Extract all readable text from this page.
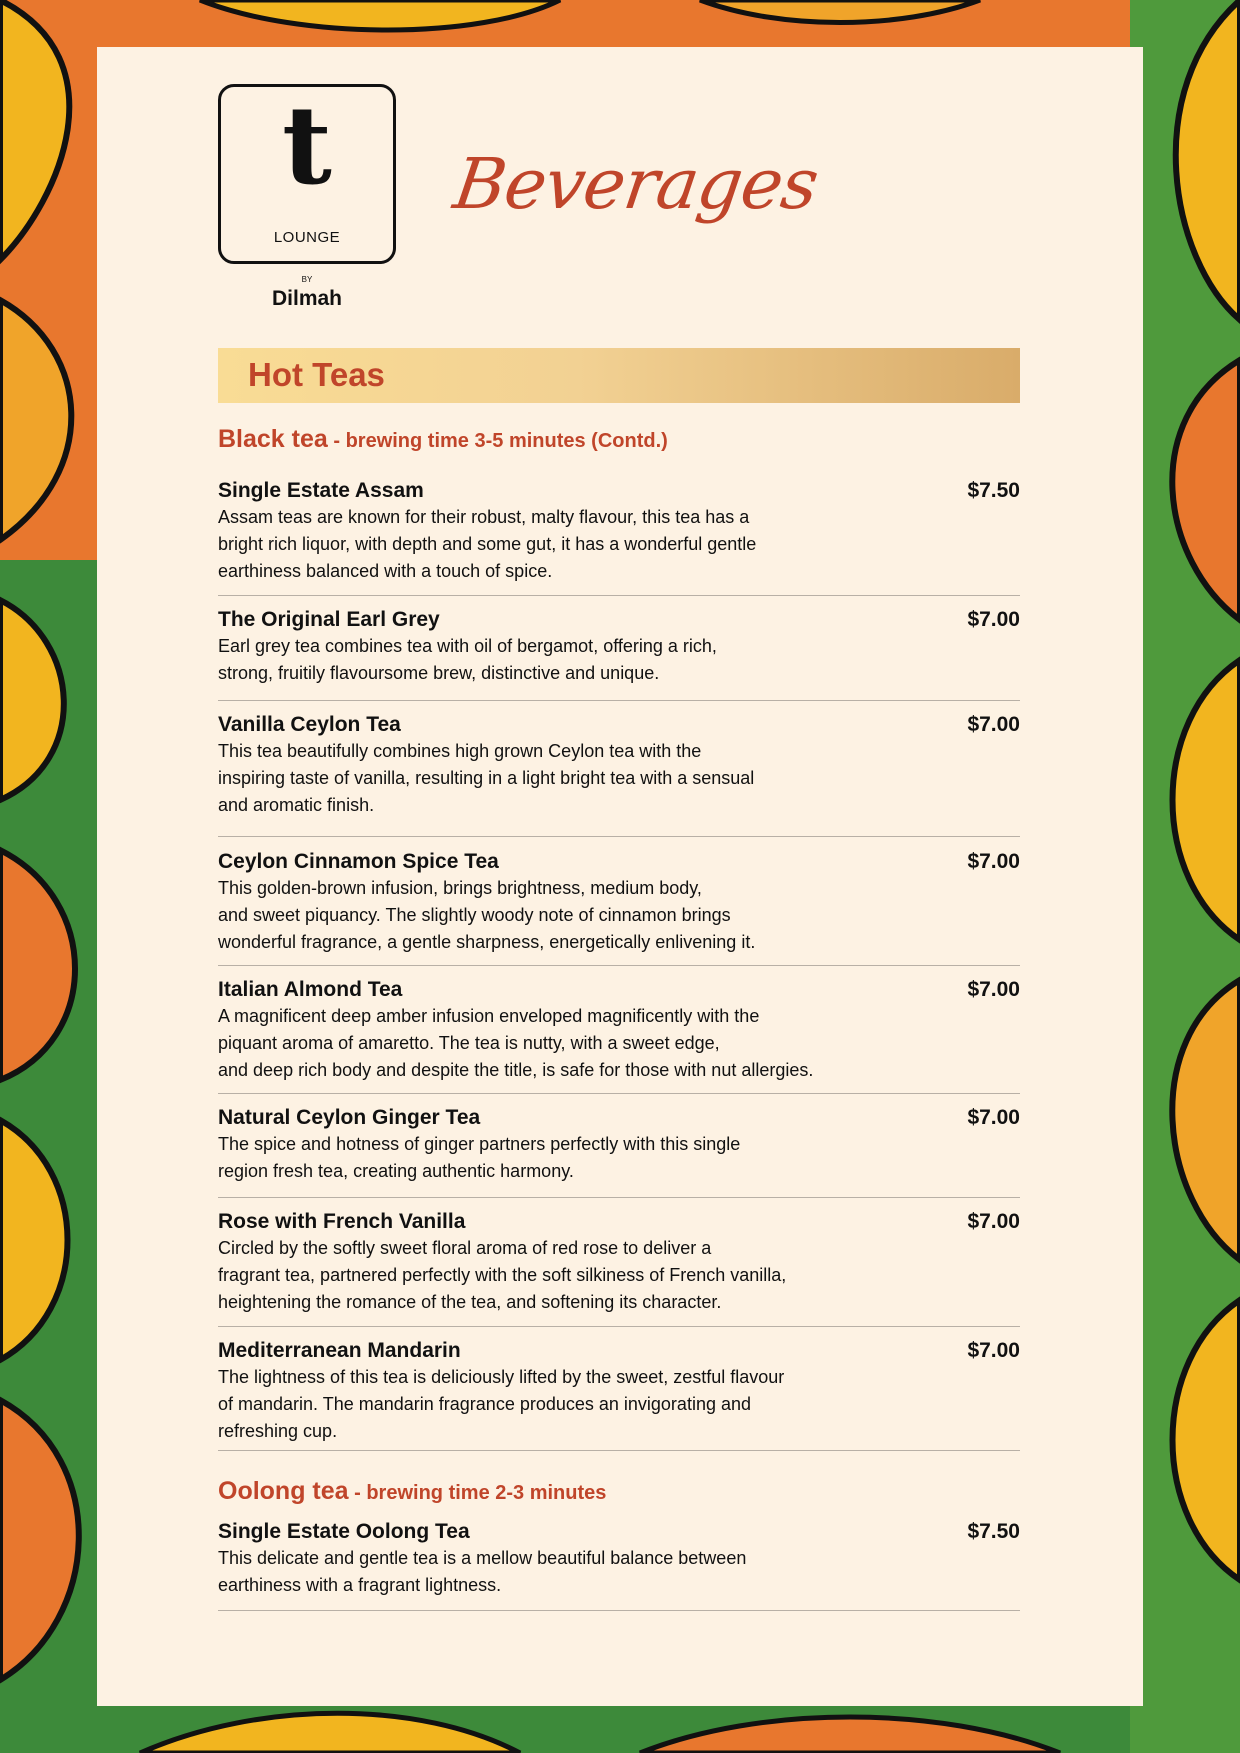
t
LOUNGE
BY
Dilmah
Beverages
Hot Teas
Black tea - brewing time 3-5 minutes (Contd.)
Single Estate Assam	$7.50
Assam teas are known for their robust, malty flavour, this tea has a
bright rich liquor, with depth and some gut, it has a wonderful gentle
earthiness balanced with a touch of spice.
The Original Earl Grey	$7.00
Earl grey tea combines tea with oil of bergamot, offering a rich,
strong, fruitily flavoursome brew, distinctive and unique.
Vanilla Ceylon Tea	$7.00
This tea beautifully combines high grown Ceylon tea with the
inspiring taste of vanilla, resulting in a light bright tea with a sensual
and aromatic finish.
Ceylon Cinnamon Spice Tea	$7.00
This golden-brown infusion, brings brightness, medium body,
and sweet piquancy. The slightly woody note of cinnamon brings
wonderful fragrance, a gentle sharpness, energetically enlivening it.
Italian Almond Tea	$7.00
A magnificent deep amber infusion enveloped magnificently with the
piquant aroma of amaretto. The tea is nutty, with a sweet edge,
and deep rich body and despite the title, is safe for those with nut allergies.
Natural Ceylon Ginger Tea	$7.00
The spice and hotness of ginger partners perfectly with this single
region fresh tea, creating authentic harmony.
Rose with French Vanilla	$7.00
Circled by the softly sweet floral aroma of red rose to deliver a
fragrant tea, partnered perfectly with the soft silkiness of French vanilla,
heightening the romance of the tea, and softening its character.
Mediterranean Mandarin	$7.00
The lightness of this tea is deliciously lifted by the sweet, zestful flavour
of mandarin. The mandarin fragrance produces an invigorating and
refreshing cup.
Oolong tea - brewing time 2-3 minutes
Single Estate Oolong Tea	$7.50
This delicate and gentle tea is a mellow beautiful balance between
earthiness with a fragrant lightness.
